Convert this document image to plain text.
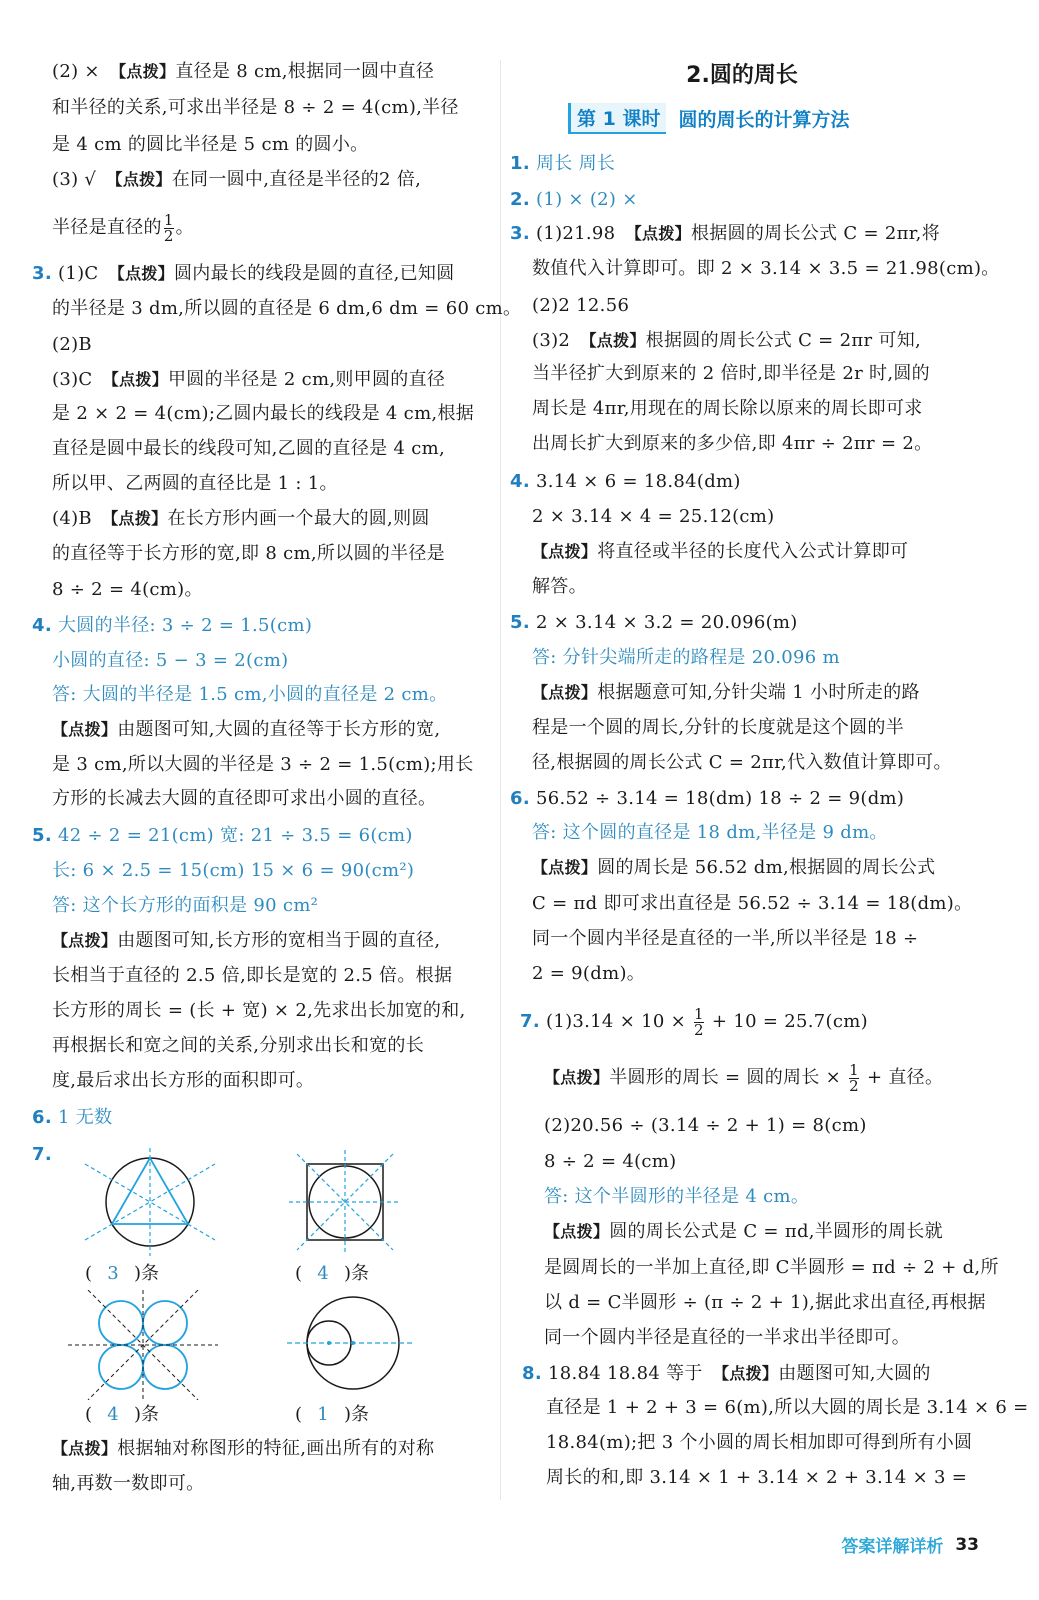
(2) ×　 【点拨】直径是 8 cm,根据同一圆中直径
和半径的关系,可求出半径是 8 ÷ 2 = 4(cm),半径
是 4 cm 的圆比半径是 5 cm 的圆小。
(3) √　 【点拨】在同一圆中,直径是半径的2 倍,
半径是直径的 $\frac{1}{2}$ 。
3. (1)C　 【点拨】圆内最长的线段是圆的直径,已知圆
的半径是 3 dm,所以圆的直径是 6 dm,6 dm = 60 cm。
(2)B
(3)C　 【点拨】甲圆的半径是 2 cm,则甲圆的直径
是 2 × 2 = 4(cm);乙圆内最长的线段是 4 cm,根据
直径是圆中最长的线段可知,乙圆的直径是 4 cm,
所以甲、乙两圆的直径比是 1 : 1。
(4)B　 【点拨】在长方形内画一个最大的圆,则圆
的直径等于长方形的宽,即 8 cm,所以圆的半径是
8 ÷ 2 = 4(cm)。
4. 大圆的半径: 3 ÷ 2 = 1.5(cm)
小圆的直径: 5 − 3 = 2(cm)
答: 大圆的半径是 1.5 cm,小圆的直径是 2 cm。
【点拨】由题图可知,大圆的直径等于长方形的宽,
是 3 cm,所以大圆的半径是 3 ÷ 2 = 1.5(cm);用长
方形的长减去大圆的直径即可求出小圆的直径。
5. 42 ÷ 2 = 21(cm) 宽: 21 ÷ 3.5 = 6(cm)
长: 6 × 2.5 = 15(cm) 15 × 6 = 90(cm²)
答: 这个长方形的面积是 90 cm²
【点拨】由题图可知,长方形的宽相当于圆的直径,
长相当于直径的 2.5 倍,即长是宽的 2.5 倍。根据
长方形的周长 = (长 + 宽) × 2,先求出长加宽的和,
再根据长和宽之间的关系,分别求出长和宽的长
度,最后求出长方形的面积即可。
6. 1 无数
7.
( 3 )条	( 4 )条
( 4 )条	( 1 )条
【点拨】根据轴对称图形的特征,画出所有的对称
轴,再数一数即可。
2.圆的周长
第 1 课时 圆的周长的计算方法
1. 周长 周长
2. (1) × (2) ×
3. (1)21.98　 【点拨】根据圆的周长公式 C = 2πr,将
数值代入计算即可。即 2 × 3.14 × 3.5 = 21.98(cm)。
(2)2 12.56
(3)2　 【点拨】根据圆的周长公式 C = 2πr 可知,
当半径扩大到原来的 2 倍时,即半径是 2r 时,圆的
周长是 4πr,用现在的周长除以原来的周长即可求
出周长扩大到原来的多少倍,即 4πr ÷ 2πr = 2。
4. 3.14 × 6 = 18.84(dm)
2 × 3.14 × 4 = 25.12(cm)
【点拨】将直径或半径的长度代入公式计算即可
解答。
5. 2 × 3.14 × 3.2 = 20.096(m)
答: 分针尖端所走的路程是 20.096 m
【点拨】根据题意可知,分针尖端 1 小时所走的路
程是一个圆的周长,分针的长度就是这个圆的半
径,根据圆的周长公式 C = 2πr,代入数值计算即可。
6. 56.52 ÷ 3.14 = 18(dm) 18 ÷ 2 = 9(dm)
答: 这个圆的直径是 18 dm,半径是 9 dm。
【点拨】圆的周长是 56.52 dm,根据圆的周长公式
C = πd 即可求出直径是 56.52 ÷ 3.14 = 18(dm)。
同一个圆内半径是直径的一半,所以半径是 18 ÷
2 = 9(dm)。
7. $(1)3.14 \times 10 \times \frac{1}{2} + 10 = 25.7(cm)$
【点拨】半圆形的周长 = 圆的周长 × $\frac{1}{2}$ + 直径。
(2)20.56 ÷ (3.14 ÷ 2 + 1) = 8(cm)
8 ÷ 2 = 4(cm)
答: 这个半圆形的半径是 4 cm。
【点拨】圆的周长公式是 C = πd,半圆形的周长就
是圆周长的一半加上直径,即 C半圆形 = πd ÷ 2 + d,所
以 d = C半圆形 ÷ (π ÷ 2 + 1),据此求出直径,再根据
同一个圆内半径是直径的一半求出半径即可。
8. 18.84 18.84 等于　 【点拨】由题图可知,大圆的
直径是 1 + 2 + 3 = 6(m),所以大圆的周长是 3.14 × 6 =
18.84(m);把 3 个小圆的周长相加即可得到所有小圆
周长的和,即 3.14 × 1 + 3.14 × 2 + 3.14 × 3 =
答案详解详析 33
